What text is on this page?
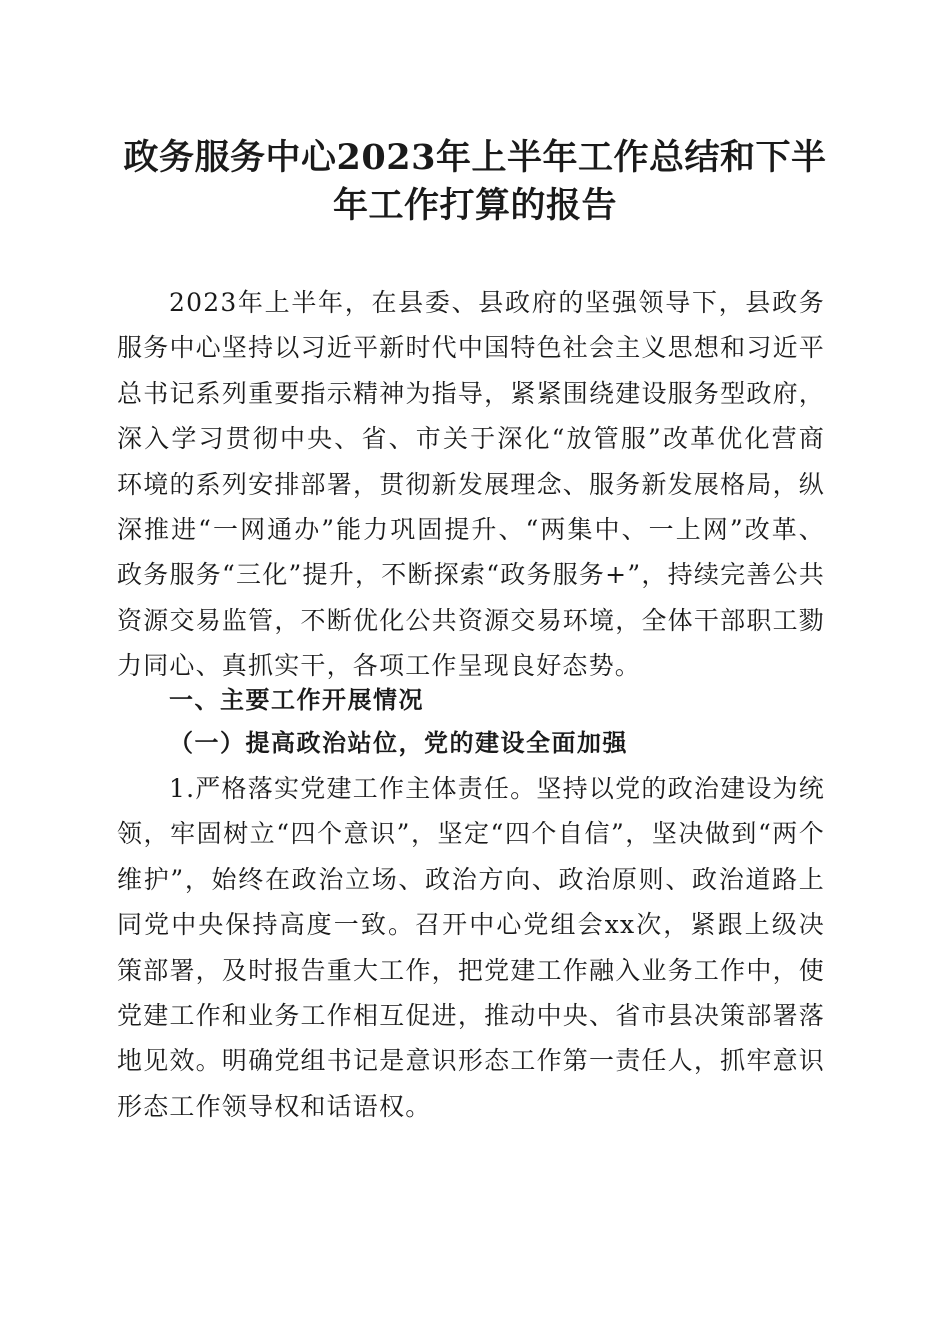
政务服务中心2023年上半年工作总结和下半年工作打算的报告

2023年上半年，在县委、县政府的坚强领导下，县政务服务中心坚持以习近平新时代中国特色社会主义思想和习近平总书记系列重要指示精神为指导，紧紧围绕建设服务型政府，深入学习贯彻中央、省、市关于深化“放管服”改革优化营商环境的系列安排部署，贯彻新发展理念、服务新发展格局，纵深推进“一网通办”能力巩固提升、“两集中、一上网”改革、政务服务“三化”提升，不断探索“政务服务+”，持续完善公共资源交易监管，不断优化公共资源交易环境，全体干部职工勠力同心、真抓实干，各项工作呈现良好态势。

一、主要工作开展情况
（一）提高政治站位，党的建设全面加强

1.严格落实党建工作主体责任。坚持以党的政治建设为统领，牢固树立“四个意识”，坚定“四个自信”，坚决做到“两个维护”，始终在政治立场、政治方向、政治原则、政治道路上同党中央保持高度一致。召开中心党组会xx次，紧跟上级决策部署，及时报告重大工作，把党建工作融入业务工作中，使党建工作和业务工作相互促进，推动中央、省市县决策部署落地见效。明确党组书记是意识形态工作第一责任人，抓牢意识形态工作领导权和话语权。
